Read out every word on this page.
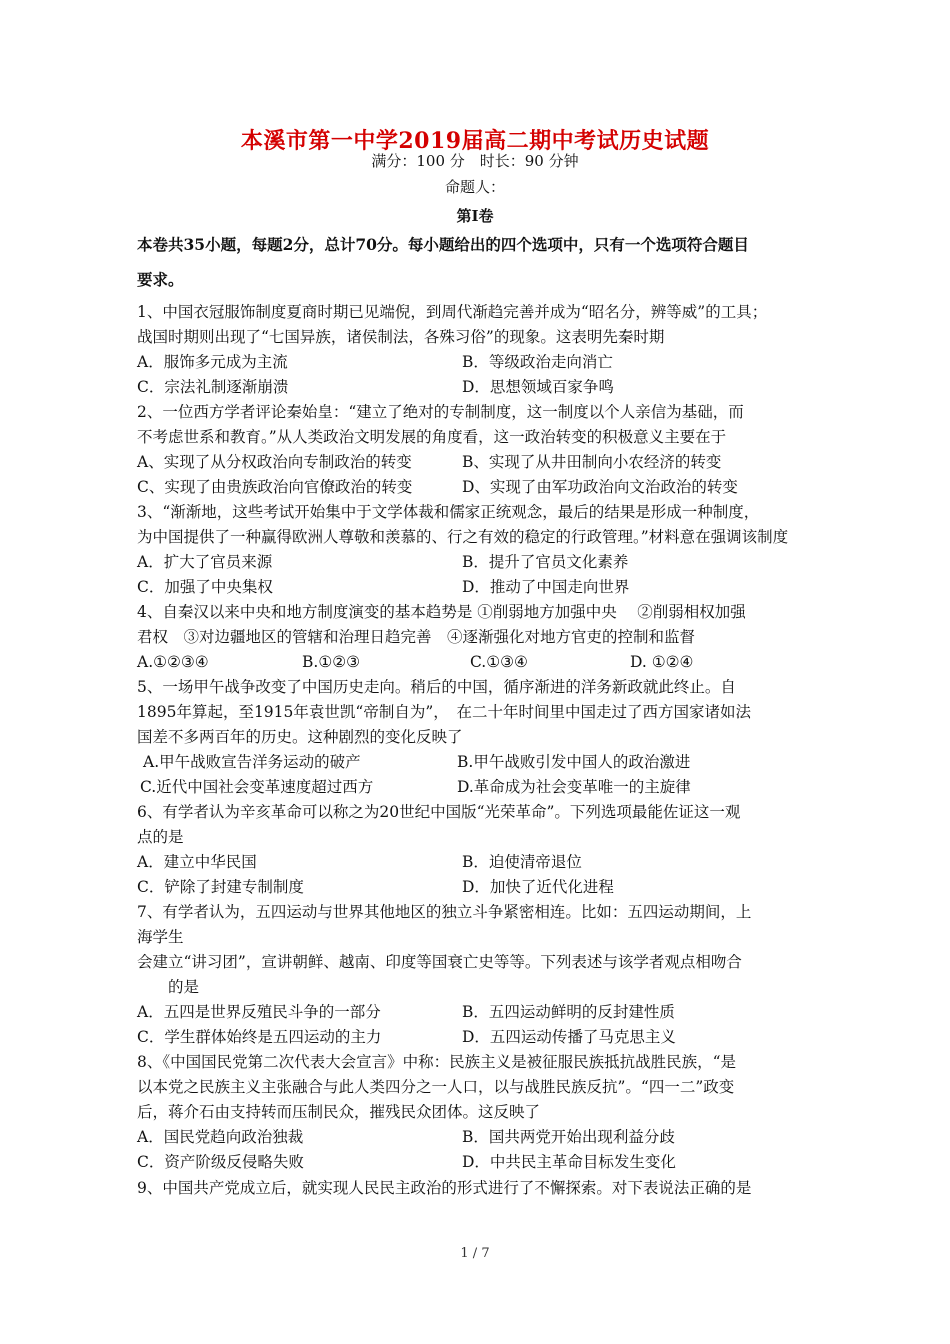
本溪市第一中学2019届高二期中考试历史试题
满分：100 分　时长：90 分钟
命题人：
第Ⅰ卷
本卷共35小题，每题2分，总计70分。每小题给出的四个选项中，只有一个选项符合题目
要求。
1、中国衣冠服饰制度夏商时期已见端倪，到周代渐趋完善并成为“昭名分，辨等威”的工具；
战国时期则出现了“七国异族，诸侯制法，各殊习俗”的现象。这表明先秦时期
A．服饰多元成为主流	B．等级政治走向消亡
C．宗法礼制逐渐崩溃	D．思想领域百家争鸣
2、一位西方学者评论秦始皇：“建立了绝对的专制制度，这一制度以个人亲信为基础，而
不考虑世系和教育。”从人类政治文明发展的角度看，这一政治转变的积极意义主要在于
A、实现了从分权政治向专制政治的转变	B、实现了从井田制向小农经济的转变
C、实现了由贵族政治向官僚政治的转变	D、实现了由军功政治向文治政治的转变
3、“渐渐地，这些考试开始集中于文学体裁和儒家正统观念，最后的结果是形成一种制度，
为中国提供了一种赢得欧洲人尊敬和羡慕的、行之有效的稳定的行政管理。”材料意在强调该制度
A．扩大了官员来源	B．提升了官员文化素养
C．加强了中央集权	D．推动了中国走向世界
4、自秦汉以来中央和地方制度演变的基本趋势是 ①削弱地方加强中央　 ②削弱相权加强
君权　③对边疆地区的管辖和治理日趋完善　④逐渐强化对地方官吏的控制和监督
A.①②③④	B.①②③	C.①③④	D. ①②④
5、一场甲午战争改变了中国历史走向。稍后的中国，循序渐进的洋务新政就此终止。自
1895年算起，至1915年袁世凯“帝制自为”，　在二十年时间里中国走过了西方国家诸如法
国差不多两百年的历史。这种剧烈的变化反映了
A.甲午战败宣告洋务运动的破产	B.甲午战败引发中国人的政治激进
C.近代中国社会变革速度超过西方	D.革命成为社会变革唯一的主旋律
6、有学者认为辛亥革命可以称之为20世纪中国版“光荣革命”。下列选项最能佐证这一观
点的是
A．建立中华民国	B．迫使清帝退位
C．铲除了封建专制制度	D．加快了近代化进程
7、有学者认为，五四运动与世界其他地区的独立斗争紧密相连。比如：五四运动期间，上
海学生
会建立“讲习团”，宣讲朝鲜、越南、印度等国衰亡史等等。下列表述与该学者观点相吻合
　　的是
A．五四是世界反殖民斗争的一部分	B．五四运动鲜明的反封建性质
C．学生群体始终是五四运动的主力	D．五四运动传播了马克思主义
8、《中国国民党第二次代表大会宣言》中称：民族主义是被征服民族抵抗战胜民族，“是
以本党之民族主义主张融合与此人类四分之一人口，以与战胜民族反抗”。“四一二”政变
后，蒋介石由支持转而压制民众，摧残民众团体。这反映了
A．国民党趋向政治独裁	B．国共两党开始出现利益分歧
C．资产阶级反侵略失败	D．中共民主革命目标发生变化
9、中国共产党成立后，就实现人民民主政治的形式进行了不懈探索。对下表说法正确的是
1 / 7
